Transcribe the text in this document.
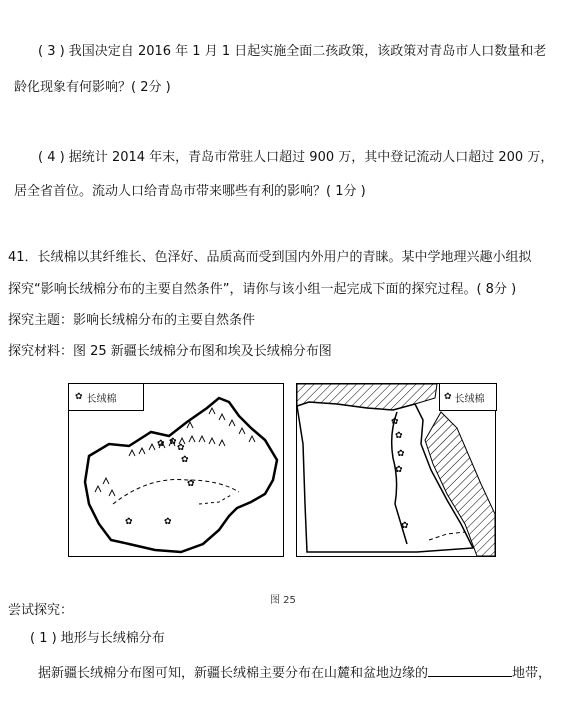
( 3 ) 我国决定自 2016 年 1 月 1 日起实施全面二孩政策，该政策对青岛市人口数量和老
龄化现象有何影响？( 2分 )
( 4 ) 据统计 2014 年末，青岛市常驻人口超过 900 万，其中登记流动人口超过 200 万，
居全省首位。流动人口给青岛市带来哪些有利的影响？( 1分 )
41．长绒棉以其纤维长、色泽好、品质高而受到国内外用户的青睐。某中学地理兴趣小组拟
探究“影响长绒棉分布的主要自然条件”，请你与该小组一起完成下面的探究过程。( 8分 )
探究主题：影响长绒棉分布的主要自然条件
探究材料：图 25 新疆长绒棉分布图和埃及长绒棉分布图
✿ 长绒棉
✿ ✿
✿
✿
✿	✿
✿
✿ 长绒棉
✿
✿
✿
✿
✿
图 25
尝试探究：
( 1 ) 地形与长绒棉分布
据新疆长绒棉分布图可知，新疆长绒棉主要分布在山麓和盆地边缘的	地带，
